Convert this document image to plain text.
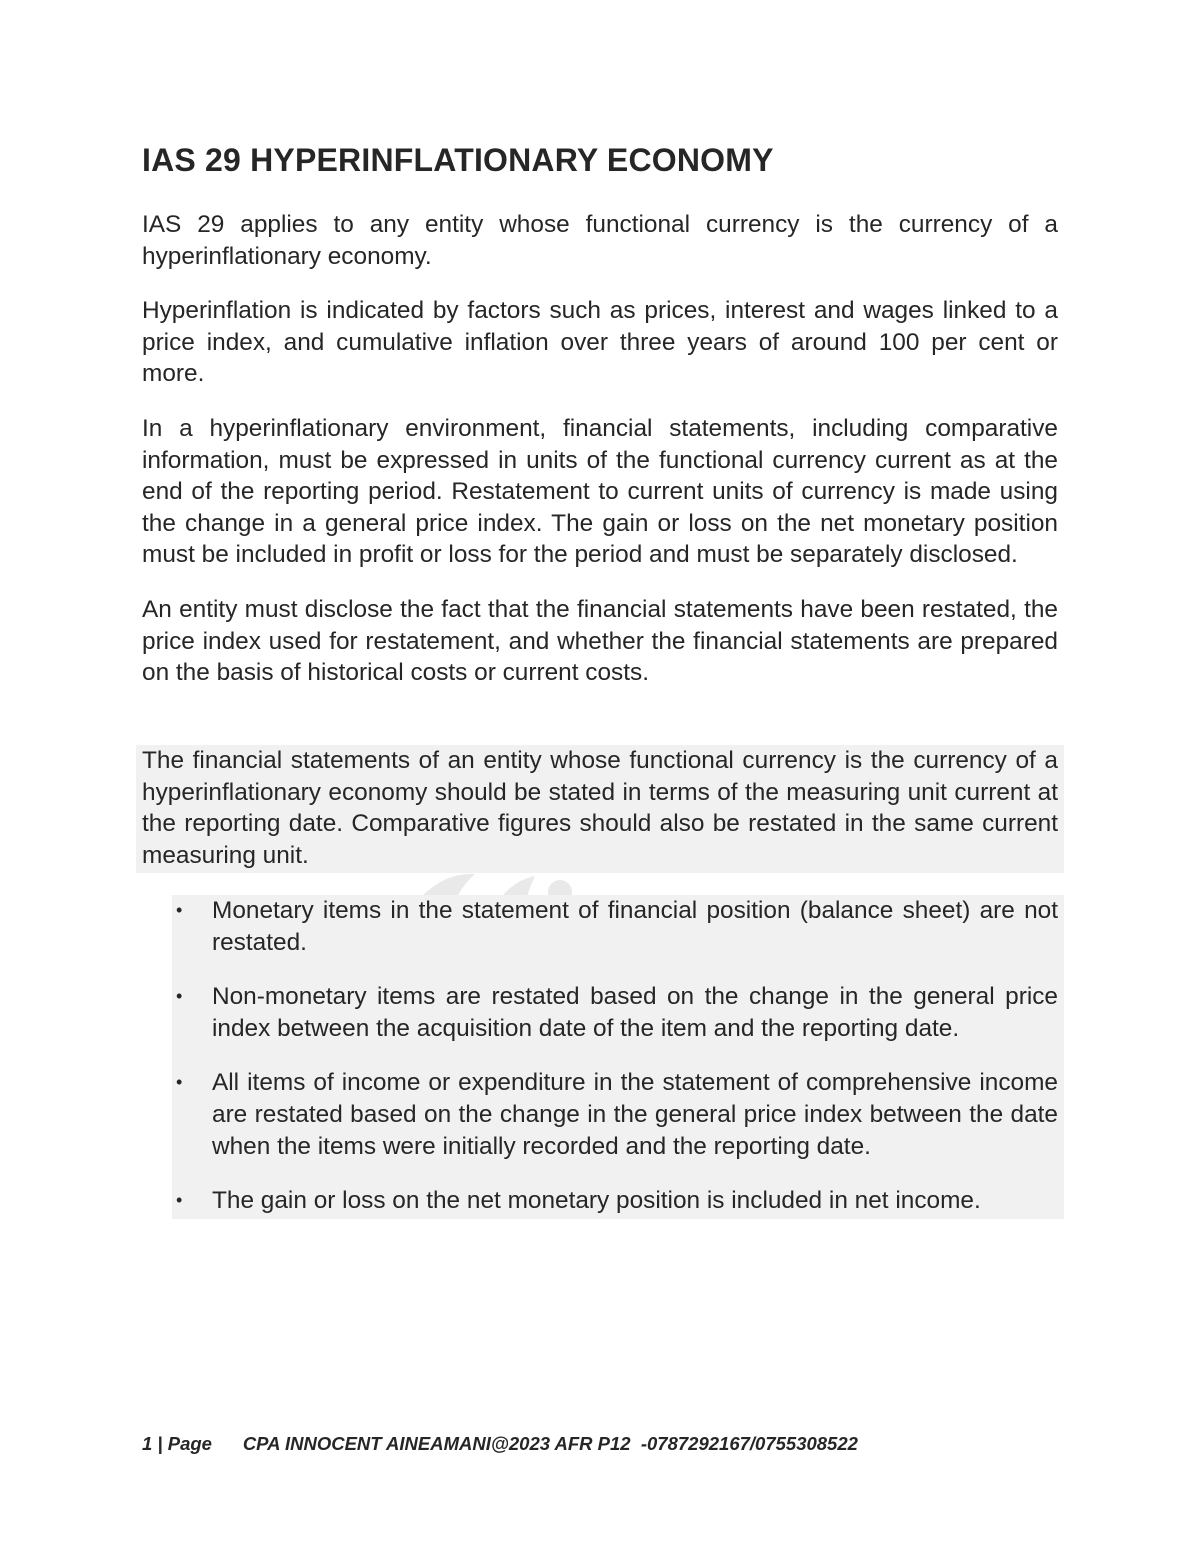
IAS 29 HYPERINFLATIONARY ECONOMY

IAS 29 applies to any entity whose functional currency is the currency of a hyperinflationary economy.

Hyperinflation is indicated by factors such as prices, interest and wages linked to a price index, and cumulative inflation over three years of around 100 per cent or more.

In a hyperinflationary environment, financial statements, including comparative information, must be expressed in units of the functional currency current as at the end of the reporting period. Restatement to current units of currency is made using the change in a general price index. The gain or loss on the net monetary position must be included in profit or loss for the period and must be separately disclosed.

An entity must disclose the fact that the financial statements have been restated, the price index used for restatement, and whether the financial statements are prepared on the basis of historical costs or current costs.

The financial statements of an entity whose functional currency is the currency of a hyperinflationary economy should be stated in terms of the measuring unit current at the reporting date. Comparative figures should also be restated in the same current measuring unit.

• Monetary items in the statement of financial position (balance sheet) are not restated.
• Non-monetary items are restated based on the change in the general price index between the acquisition date of the item and the reporting date.
• All items of income or expenditure in the statement of comprehensive income are restated based on the change in the general price index between the date when the items were initially recorded and the reporting date.
• The gain or loss on the net monetary position is included in net income.
1 | Page CPA INNOCENT AINEAMANI@2023 AFR P12  -0787292167/0755308522
